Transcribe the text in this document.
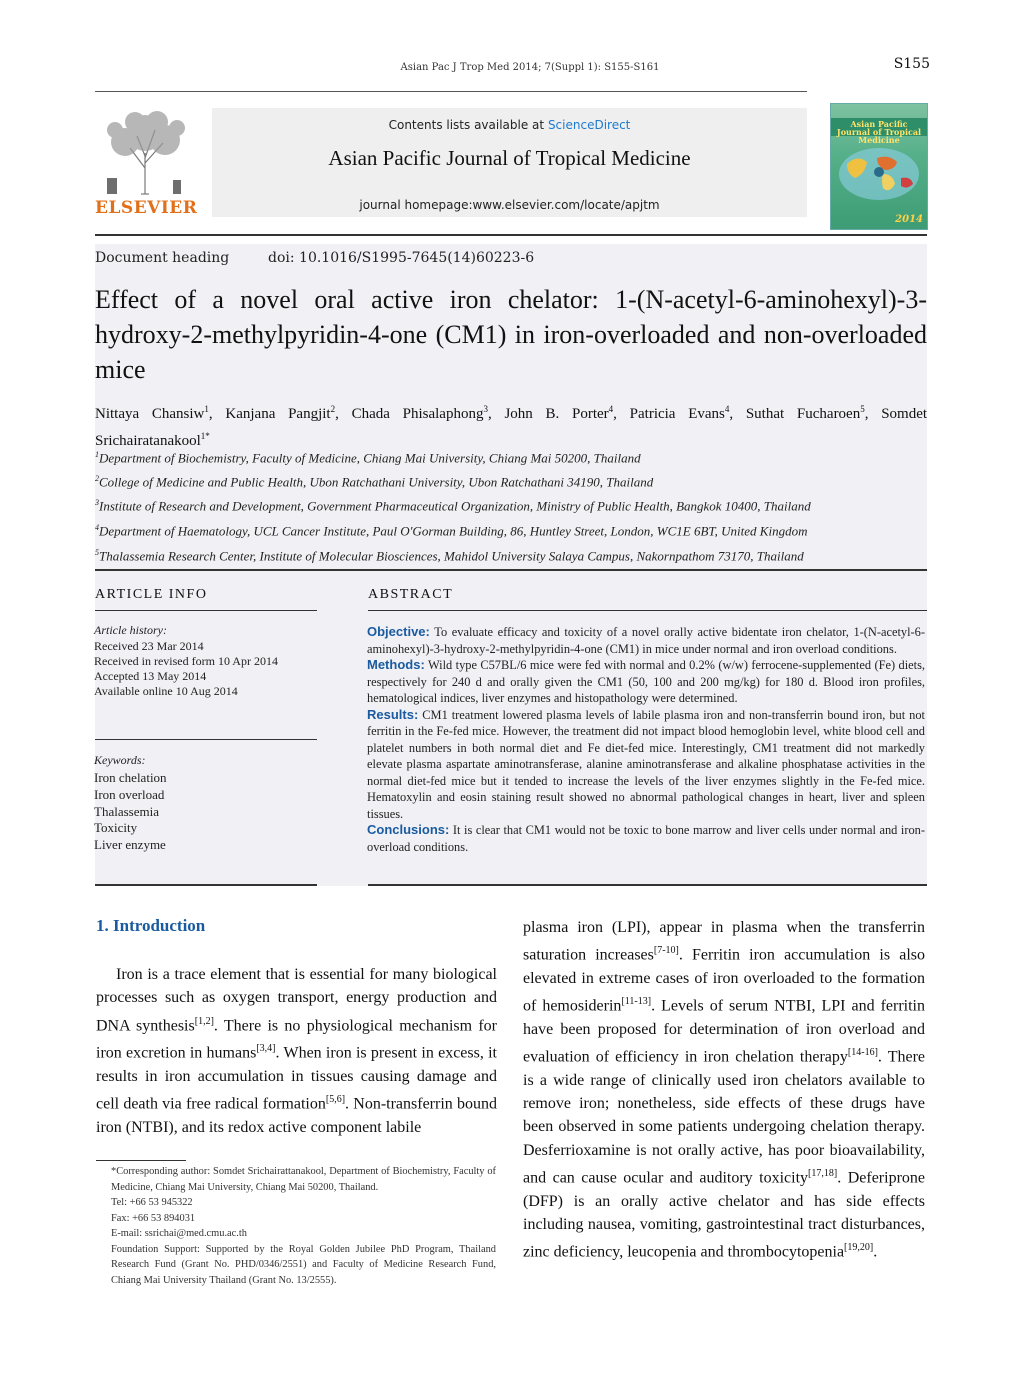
Asian Pac J Trop Med 2014; 7(Suppl 1): S155-S161	S155
ELSEVIER
Contents lists available at ScienceDirect
Asian Pacific Journal of Tropical Medicine
journal homepage:www.elsevier.com/locate/apjtm
Asian Pacific Journal of Tropical Medicine
2014
Document heading	doi: 10.1016/S1995-7645(14)60223-6
Effect of a novel oral active iron chelator: 1-(N-acetyl-6-aminohexyl)-3-hydroxy-2-methylpyridin-4-one (CM1) in iron-overloaded and non-overloaded mice
Nittaya Chansiw$^1$, Kanjana Pangjit$^2$, Chada Phisalaphong$^3$, John B. Porter$^4$, Patricia Evans$^4$, Suthat Fucharoen$^5$, Somdet Srichairatanakool$^{1*}$
$^1$Department of Biochemistry, Faculty of Medicine, Chiang Mai University, Chiang Mai 50200, Thailand
$^2$College of Medicine and Public Health, Ubon Ratchathani University, Ubon Ratchathani 34190, Thailand
$^3$Institute of Research and Development, Government Pharmaceutical Organization, Ministry of Public Health, Bangkok 10400, Thailand
$^4$Department of Haematology, UCL Cancer Institute, Paul O'Gorman Building, 86, Huntley Street, London, WC1E 6BT, United Kingdom
$^5$Thalassemia Research Center, Institute of Molecular Biosciences, Mahidol University Salaya Campus, Nakornpathom 73170, Thailand
ARTICLE INFO
Article history:
Received 23 Mar 2014
Received in revised form 10 Apr 2014
Accepted 13 May 2014
Available online 10 Aug 2014
Keywords:
Iron chelation
Iron overload
Thalassemia
Toxicity
Liver enzyme
ABSTRACT
Objective: To evaluate efficacy and toxicity of a novel orally active bidentate iron chelator, 1-(N-acetyl-6-aminohexyl)-3-hydroxy-2-methylpyridin-4-one (CM1) in mice under normal and iron overload conditions.
Methods: Wild type C57BL/6 mice were fed with normal and 0.2% (w/w) ferrocene-supplemented (Fe) diets, respectively for 240 d and orally given the CM1 (50, 100 and 200 mg/kg) for 180 d. Blood iron profiles, hematological indices, liver enzymes and histopathology were determined.
Results: CM1 treatment lowered plasma levels of labile plasma iron and non-transferrin bound iron, but not ferritin in the Fe-fed mice. However, the treatment did not impact blood hemoglobin level, white blood cell and platelet numbers in both normal diet and Fe diet-fed mice. Interestingly, CM1 treatment did not markedly elevate plasma aspartate aminotransferase, alanine aminotransferase and alkaline phosphatase activities in the normal diet-fed mice but it tended to increase the levels of the liver enzymes slightly in the Fe-fed mice. Hematoxylin and eosin staining result showed no abnormal pathological changes in heart, liver and spleen tissues.
Conclusions: It is clear that CM1 would not be toxic to bone marrow and liver cells under normal and iron-overload conditions.
1. Introduction
Iron is a trace element that is essential for many biological processes such as oxygen transport, energy production and DNA synthesis[1,2]. There is no physiological mechanism for iron excretion in humans[3,4]. When iron is present in excess, it results in iron accumulation in tissues causing damage and cell death via free radical formation[5,6]. Non-transferrin bound iron (NTBI), and its redox active component labile
plasma iron (LPI), appear in plasma when the transferrin saturation increases[7-10]. Ferritin iron accumulation is also elevated in extreme cases of iron overloaded to the formation of hemosiderin[11-13]. Levels of serum NTBI, LPI and ferritin have been proposed for determination of iron overload and evaluation of efficiency in iron chelation therapy[14-16]. There is a wide range of clinically used iron chelators available to remove iron; nonetheless, side effects of these drugs have been observed in some patients undergoing chelation therapy. Desferrioxamine is not orally active, has poor bioavailability, and can cause ocular and auditory toxicity[17,18]. Deferiprone (DFP) is an orally active chelator and has side effects including nausea, vomiting, gastrointestinal tract disturbances, zinc deficiency, leucopenia and thrombocytopenia[19,20].
*Corresponding author: Somdet Srichairattanakool, Department of Biochemistry, Faculty of Medicine, Chiang Mai University, Chiang Mai 50200, Thailand.
Tel: +66 53 945322
Fax: +66 53 894031
E-mail: ssrichai@med.cmu.ac.th
Foundation Support: Supported by the Royal Golden Jubilee PhD Program, Thailand Research Fund (Grant No. PHD/0346/2551) and Faculty of Medicine Research Fund, Chiang Mai University Thailand (Grant No. 13/2555).
